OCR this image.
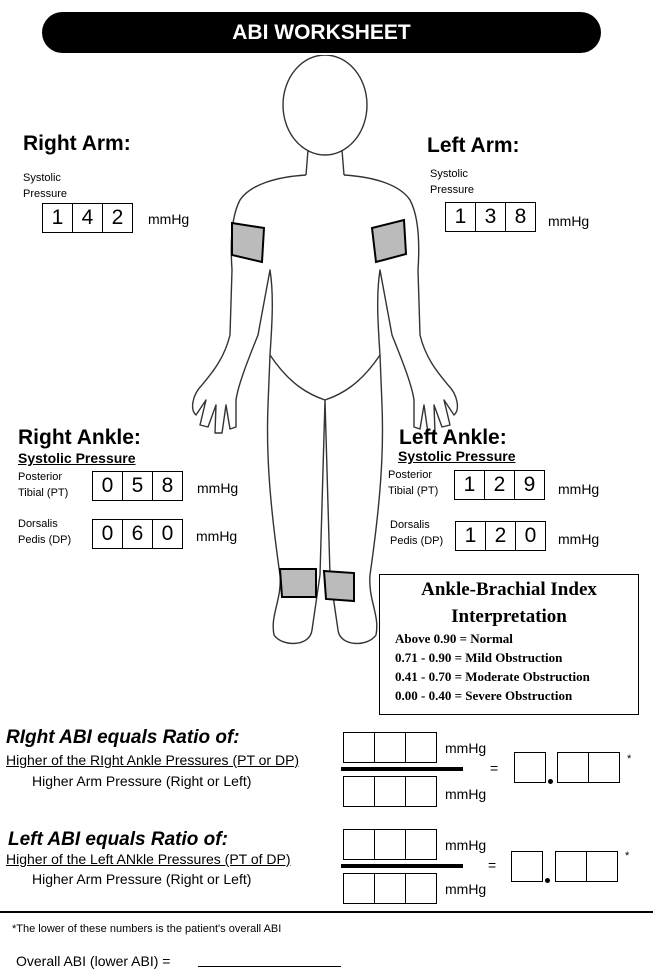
ABI WORKSHEET
Right Arm:
Systolic
Pressure
1 4 2	mmHg
Left Arm:
Systolic
Pressure
1 3 8	mmHg
Right Ankle:
Systolic Pressure
Posterior
Tibial (PT)	0 5 8	mmHg
Dorsalis
Pedis (DP)	0 6 0	mmHg
Left Ankle:
Systolic Pressure
Posterior
Tibial (PT)	1 2 9	mmHg
Dorsalis
Pedis (DP)	1 2 0	mmHg
Ankle-Brachial Index
Interpretation
Above 0.90 = Normal
0.71 - 0.90 = Mild Obstruction
0.41 - 0.70 = Moderate Obstruction
0.00 - 0.40 = Severe Obstruction
RIght ABI equals Ratio of:
Higher of the RIght Ankle Pressures (PT or DP)
Higher Arm Pressure (Right or Left)
mmHg
mmHg
=
*
Left ABI equals Ratio of:
Higher of the Left ANkle Pressures (PT of DP)
Higher Arm Pressure (Right or Left)
mmHg
mmHg
=
*
*The lower of these numbers is the patient's overall ABI
Overall ABI (lower ABI) =
